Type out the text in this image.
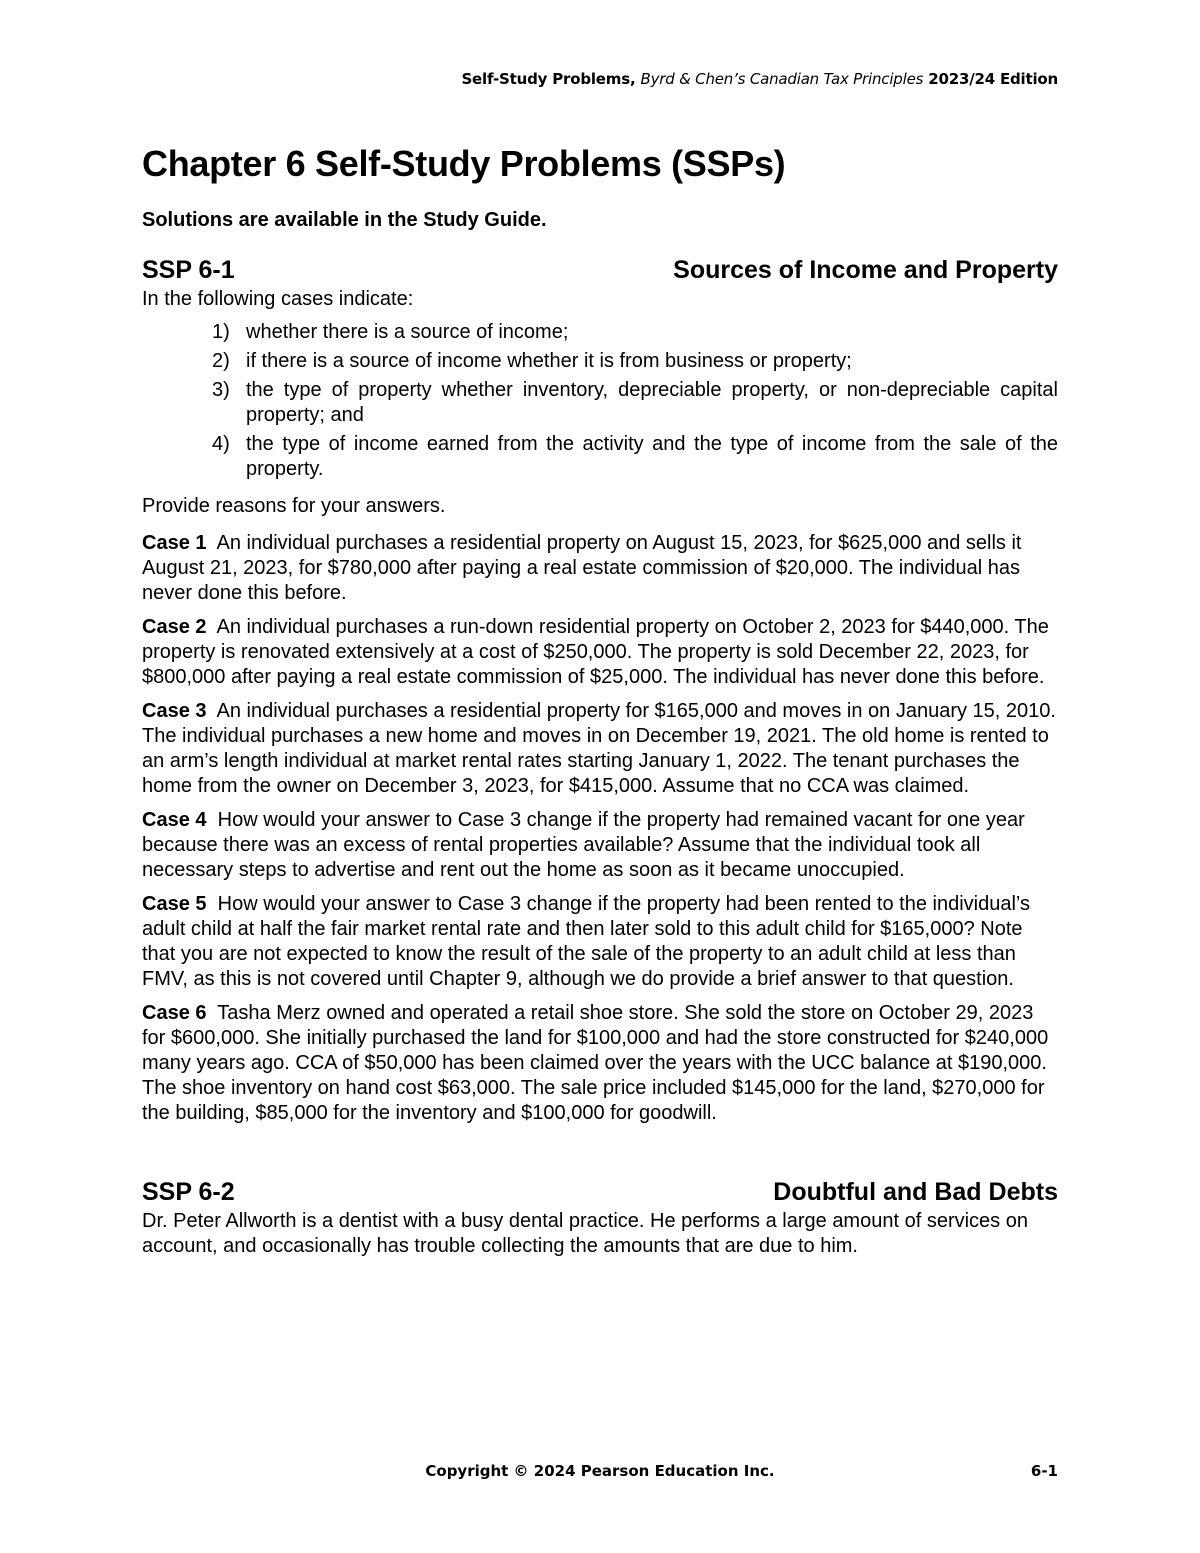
Self-Study Problems, Byrd & Chen’s Canadian Tax Principles 2023/24 Edition
Chapter 6 Self-Study Problems (SSPs)

Solutions are available in the Study Guide.

SSP 6-1	Sources of Income and Property

In the following cases indicate:

1) whether there is a source of income;
2) if there is a source of income whether it is from business or property;
3) the type of property whether inventory, depreciable property, or non-depreciable capital property; and
4) the type of income earned from the activity and the type of income from the sale of the property.

Provide reasons for your answers.

Case 1 An individual purchases a residential property on August 15, 2023, for $625,000 and sells it August 21, 2023, for $780,000 after paying a real estate commission of $20,000. The individual has never done this before.

Case 2 An individual purchases a run-down residential property on October 2, 2023 for $440,000. The property is renovated extensively at a cost of $250,000. The property is sold December 22, 2023, for $800,000 after paying a real estate commission of $25,000. The individual has never done this before.

Case 3 An individual purchases a residential property for $165,000 and moves in on January 15, 2010. The individual purchases a new home and moves in on December 19, 2021. The old home is rented to an arm’s length individual at market rental rates starting January 1, 2022. The tenant purchases the home from the owner on December 3, 2023, for $415,000. Assume that no CCA was claimed.

Case 4 How would your answer to Case 3 change if the property had remained vacant for one year because there was an excess of rental properties available? Assume that the individual took all necessary steps to advertise and rent out the home as soon as it became unoccupied.

Case 5 How would your answer to Case 3 change if the property had been rented to the individual’s adult child at half the fair market rental rate and then later sold to this adult child for $165,000? Note that you are not expected to know the result of the sale of the property to an adult child at less than FMV, as this is not covered until Chapter 9, although we do provide a brief answer to that question.

Case 6 Tasha Merz owned and operated a retail shoe store. She sold the store on October 29, 2023 for $600,000. She initially purchased the land for $100,000 and had the store constructed for $240,000 many years ago. CCA of $50,000 has been claimed over the years with the UCC balance at $190,000. The shoe inventory on hand cost $63,000. The sale price included $145,000 for the land, $270,000 for the building, $85,000 for the inventory and $100,000 for goodwill.

SSP 6-2	Doubtful and Bad Debts

Dr. Peter Allworth is a dentist with a busy dental practice. He performs a large amount of services on account, and occasionally has trouble collecting the amounts that are due to him.

Copyright © 2024 Pearson Education Inc.	6-1
